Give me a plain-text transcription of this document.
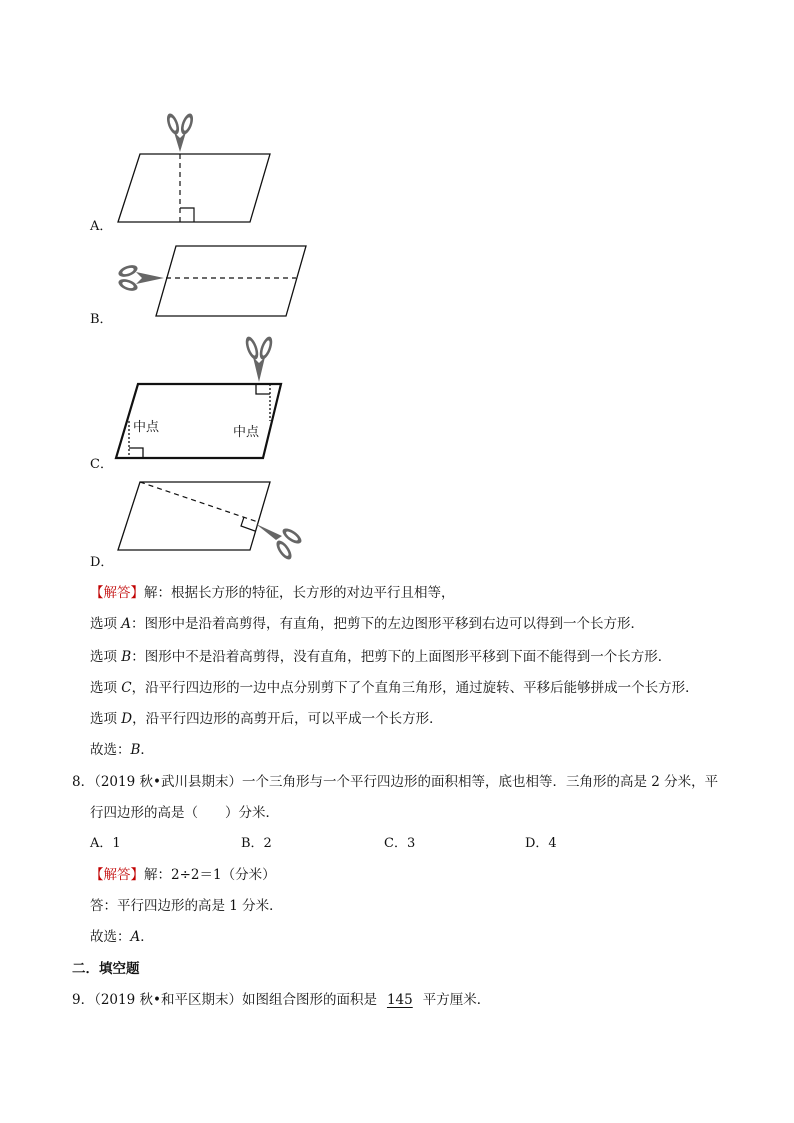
A．
B．
中点	中点
C．
D．
【解答】解：根据长方形的特征，长方形的对边平行且相等，
选项 A：图形中是沿着高剪得，有直角，把剪下的左边图形平移到右边可以得到一个长方形．
选项 B：图形中不是沿着高剪得，没有直角，把剪下的上面图形平移到下面不能得到一个长方形．
选项 C，沿平行四边形的一边中点分别剪下了个直角三角形，通过旋转、平移后能够拼成一个长方形．
选项 D，沿平行四边形的高剪开后，可以平成一个长方形．
故选：B．
8．（2019 秋•武川县期末）一个三角形与一个平行四边形的面积相等，底也相等．三角形的高是 2 分米，平
行四边形的高是（　　）分米．
A．1	B．2	C．3	D．4
【解答】解：2÷2＝1（分米）
答：平行四边形的高是 1 分米．
故选：A．
二．填空题
9．（2019 秋•和平区期末）如图组合图形的面积是 145 平方厘米．
